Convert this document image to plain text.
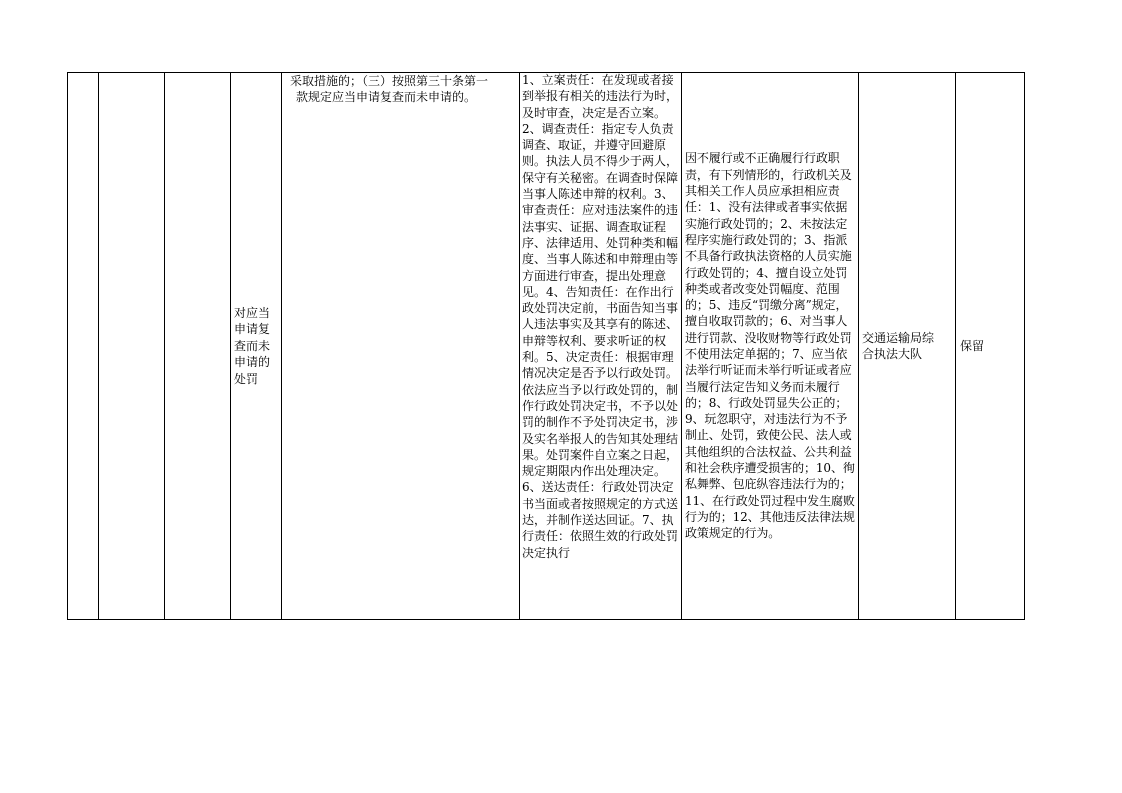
对应当
申请复
查而未
申请的
处罚
采取措施的；（三）按照第三十条第一
款规定应当申请复查而未申请的。
1、立案责任：在发现或者接到举报有相关的违法行为时，及时审查，决定是否立案。2、调查责任：指定专人负责调查、取证，并遵守回避原则。执法人员不得少于两人，保守有关秘密。在调查时保障当事人陈述申辩的权利。3、审查责任：应对违法案件的违法事实、证据、调查取证程序、法律适用、处罚种类和幅度、当事人陈述和申辩理由等方面进行审查，提出处理意见。4、告知责任：在作出行政处罚决定前，书面告知当事人违法事实及其享有的陈述、申辩等权利、要求听证的权利。5、决定责任：根据审理情况决定是否予以行政处罚。依法应当予以行政处罚的，制作行政处罚决定书，不予以处罚的制作不予处罚决定书，涉及实名举报人的告知其处理结果。处罚案件自立案之日起，规定期限内作出处理决定。
6、送达责任：行政处罚决定书当面或者按照规定的方式送达，并制作送达回证。7、执行责任：依照生效的行政处罚决定执行
因不履行或不正确履行行政职责，有下列情形的，行政机关及其相关工作人员应承担相应责任：1、没有法律或者事实依据实施行政处罚的；2、未按法定程序实施行政处罚的；3、指派不具备行政执法资格的人员实施行政处罚的；4、擅自设立处罚种类或者改变处罚幅度、范围的；5、违反“罚缴分离”规定，擅自收取罚款的；6、对当事人进行罚款、没收财物等行政处罚不使用法定单据的；7、应当依法举行听证而未举行听证或者应当履行法定告知义务而未履行的；8、行政处罚显失公正的；9、玩忽职守，对违法行为不予制止、处罚，致使公民、法人或其他组织的合法权益、公共利益和社会秩序遭受损害的；10、徇私舞弊、包庇纵容违法行为的；11、在行政处罚过程中发生腐败行为的；12、其他违反法律法规政策规定的行为。
交通运输局综
合执法大队
保留
